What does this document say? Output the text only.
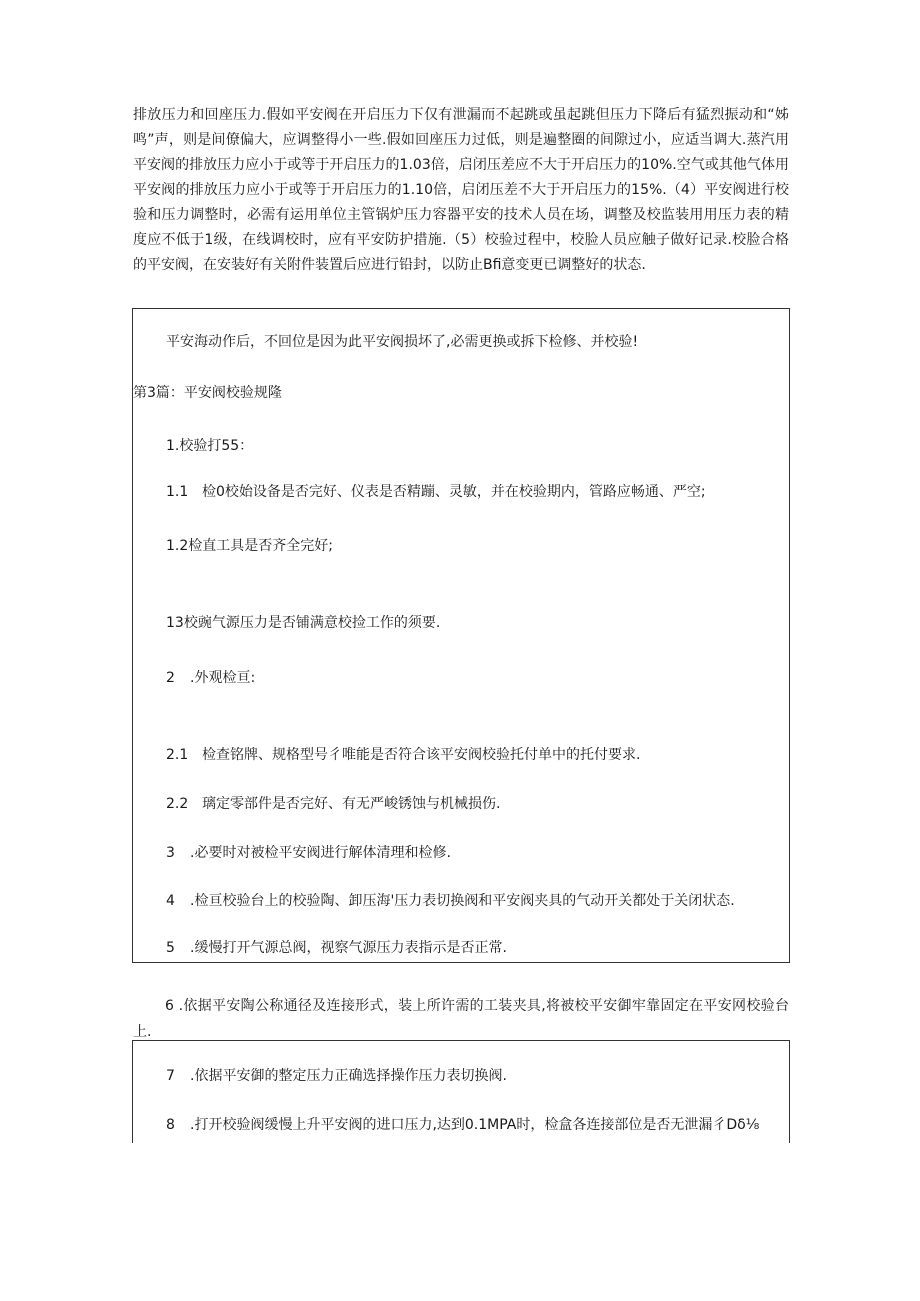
排放压力和回座压力.假如平安阀在开启压力下仅有泄漏而不起跳或虽起跳但压力下降后有猛烈振动和“姊鸣”声，则是间僚偏大，应调整得小一些.假如回座压力过低，则是遍整圈的间隙过小，应适当调大.蒸汽用平安阀的排放压力应小于或等于开启压力的1.03倍，启闭压差应不大于开启压力的10%.空气或其他气体用平安阀的排放压力应小于或等于开启压力的1.10倍，启闭压差不大于开启压力的15%.（4）平安阀进行校验和压力调整时，必需有运用单位主管锅炉压力容器平安的技术人员在场，调整及校监装用用压力表的精度应不低于1级，在线调校时，应有平安防护措施.（5）校验过程中，校脸人员应触子做好记录.校脸合格的平安阀，在安装好有关附件装置后应进行铅封，以防止Bfi意变更已调整好的状态.

平安海动作后，不回位是因为此平安阀损坏了,必需更换或拆下检修、并校验!

第3篇：平安阀校验规隆

1.校验打55：

1.1 检0校始设备是否完好、仪表是否精蹦、灵敏，并在校验期内，管路应畅通、严空;

1.2检直工具是否齐全完好;

13校豌气源压力是否铺满意校捡工作的须要.

2 .外观检亘:

2.1 检查铭牌、规格型号彳唯能是否符合该平安阀校验托付单中的托付要求.

2.2 璃定零部件是否完好、有无严峻锈蚀与机械损伤.

3 .必要时对被检平安阀进行解体清理和检修.

4 .检亘校验台上的校验陶、卸压海'压力表切换阀和平安阀夹具的气动开关都处于关闭状态.

5 .缓慢打开气源总阀，视察气源压力表指示是否正常.

6 .依据平安陶公称通径及连接形式，装上所许需的工装夹具,将被校平安御牢靠固定在平安网校验台上.

7 .依据平安御的整定压力正确选择操作压力表切换阀.

8 .打开校验阀缓慢上升平安阀的进口压力,达到0.1MPA时，检盒各连接部位是否无泄漏彳Dδ⅛
